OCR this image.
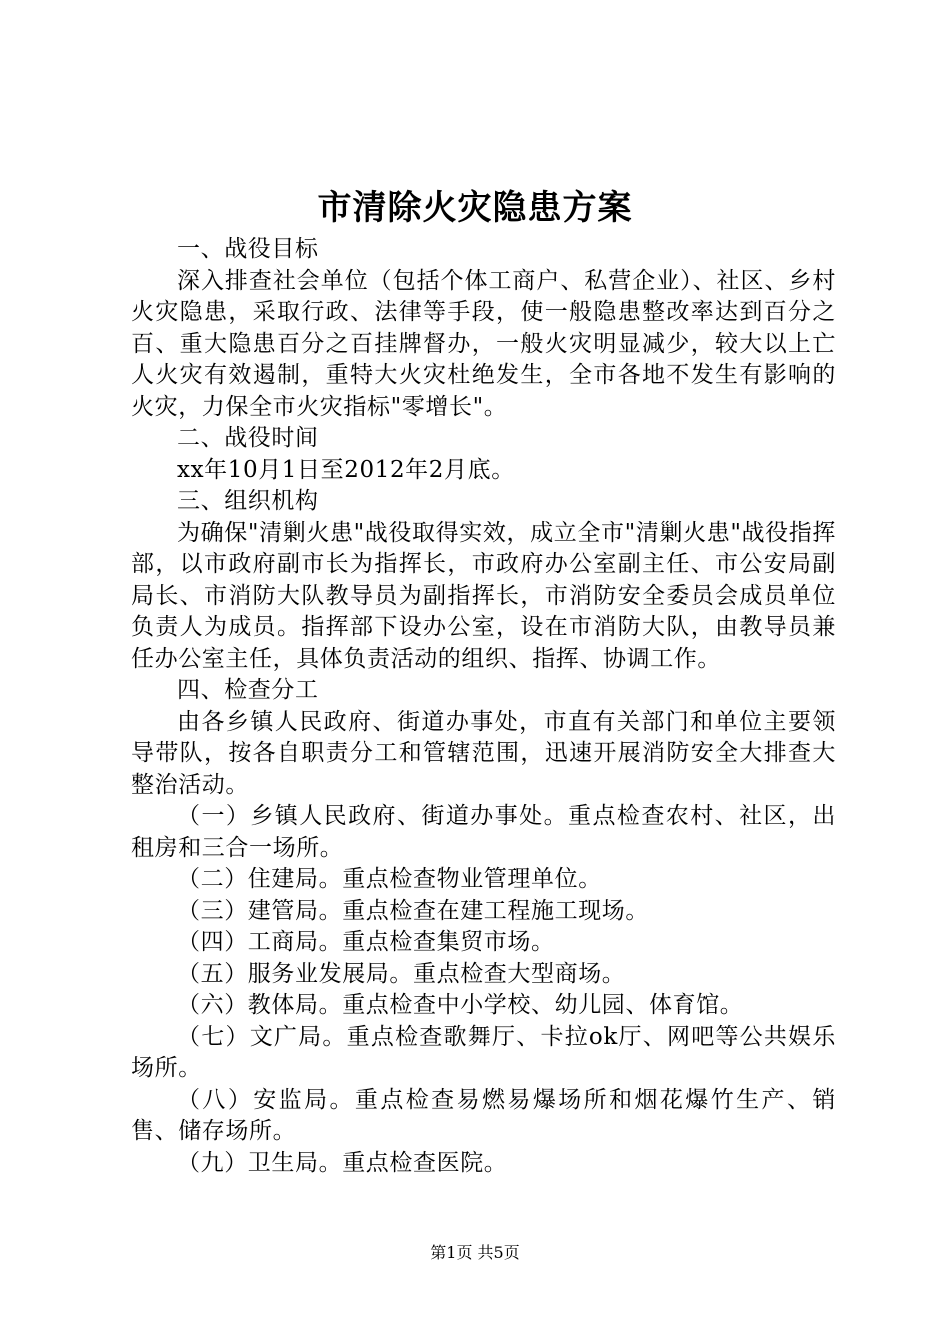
市清除火灾隐患方案

一、战役目标

深入排查社会单位（包括个体工商户、私营企业）、社区、乡村火灾隐患，采取行政、法律等手段，使一般隐患整改率达到百分之百、重大隐患百分之百挂牌督办，一般火灾明显减少，较大以上亡人火灾有效遏制，重特大火灾杜绝发生，全市各地不发生有影响的火灾，力保全市火灾指标"零增长"。

二、战役时间

xx年10月1日至2012年2月底。

三、组织机构

为确保"清剿火患"战役取得实效，成立全市"清剿火患"战役指挥部，以市政府副市长为指挥长，市政府办公室副主任、市公安局副局长、市消防大队教导员为副指挥长，市消防安全委员会成员单位负责人为成员。指挥部下设办公室，设在市消防大队，由教导员兼任办公室主任，具体负责活动的组织、指挥、协调工作。

四、检查分工

由各乡镇人民政府、街道办事处，市直有关部门和单位主要领导带队，按各自职责分工和管辖范围，迅速开展消防安全大排查大整治活动。

（一）乡镇人民政府、街道办事处。重点检查农村、社区，出租房和三合一场所。

（二）住建局。重点检查物业管理单位。

（三）建管局。重点检查在建工程施工现场。

（四）工商局。重点检查集贸市场。

（五）服务业发展局。重点检查大型商场。

（六）教体局。重点检查中小学校、幼儿园、体育馆。

（七）文广局。重点检查歌舞厅、卡拉ok厅、网吧等公共娱乐场所。

（八）安监局。重点检查易燃易爆场所和烟花爆竹生产、销售、储存场所。

（九）卫生局。重点检查医院。

第1页 共5页
